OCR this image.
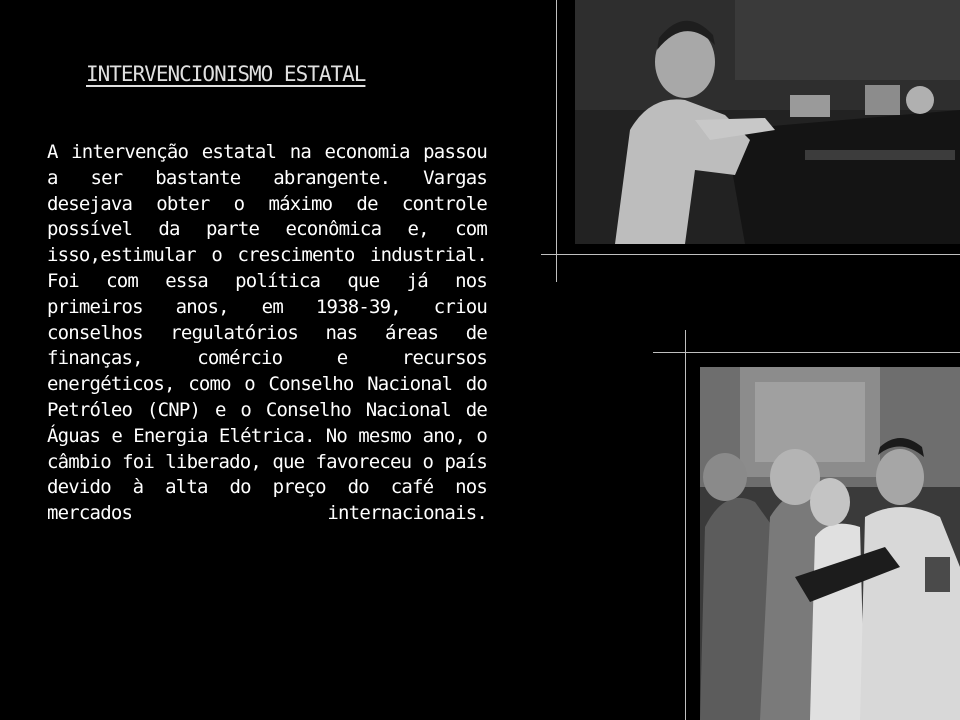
INTERVENCIONISMO ESTATAL
A intervenção estatal na economia passou a ser bastante abrangente. Vargas desejava obter o máximo de controle possível da parte econômica e, com isso,estimular o crescimento industrial. Foi com essa política que já nos primeiros anos, em 1938-39, criou conselhos regulatórios nas áreas de finanças, comércio e recursos energéticos, como o Conselho Nacional do Petróleo (CNP) e o Conselho Nacional de Águas e Energia Elétrica. No mesmo ano, o câmbio foi liberado, que favoreceu o país devido à alta do preço do café nos mercados internacionais.
